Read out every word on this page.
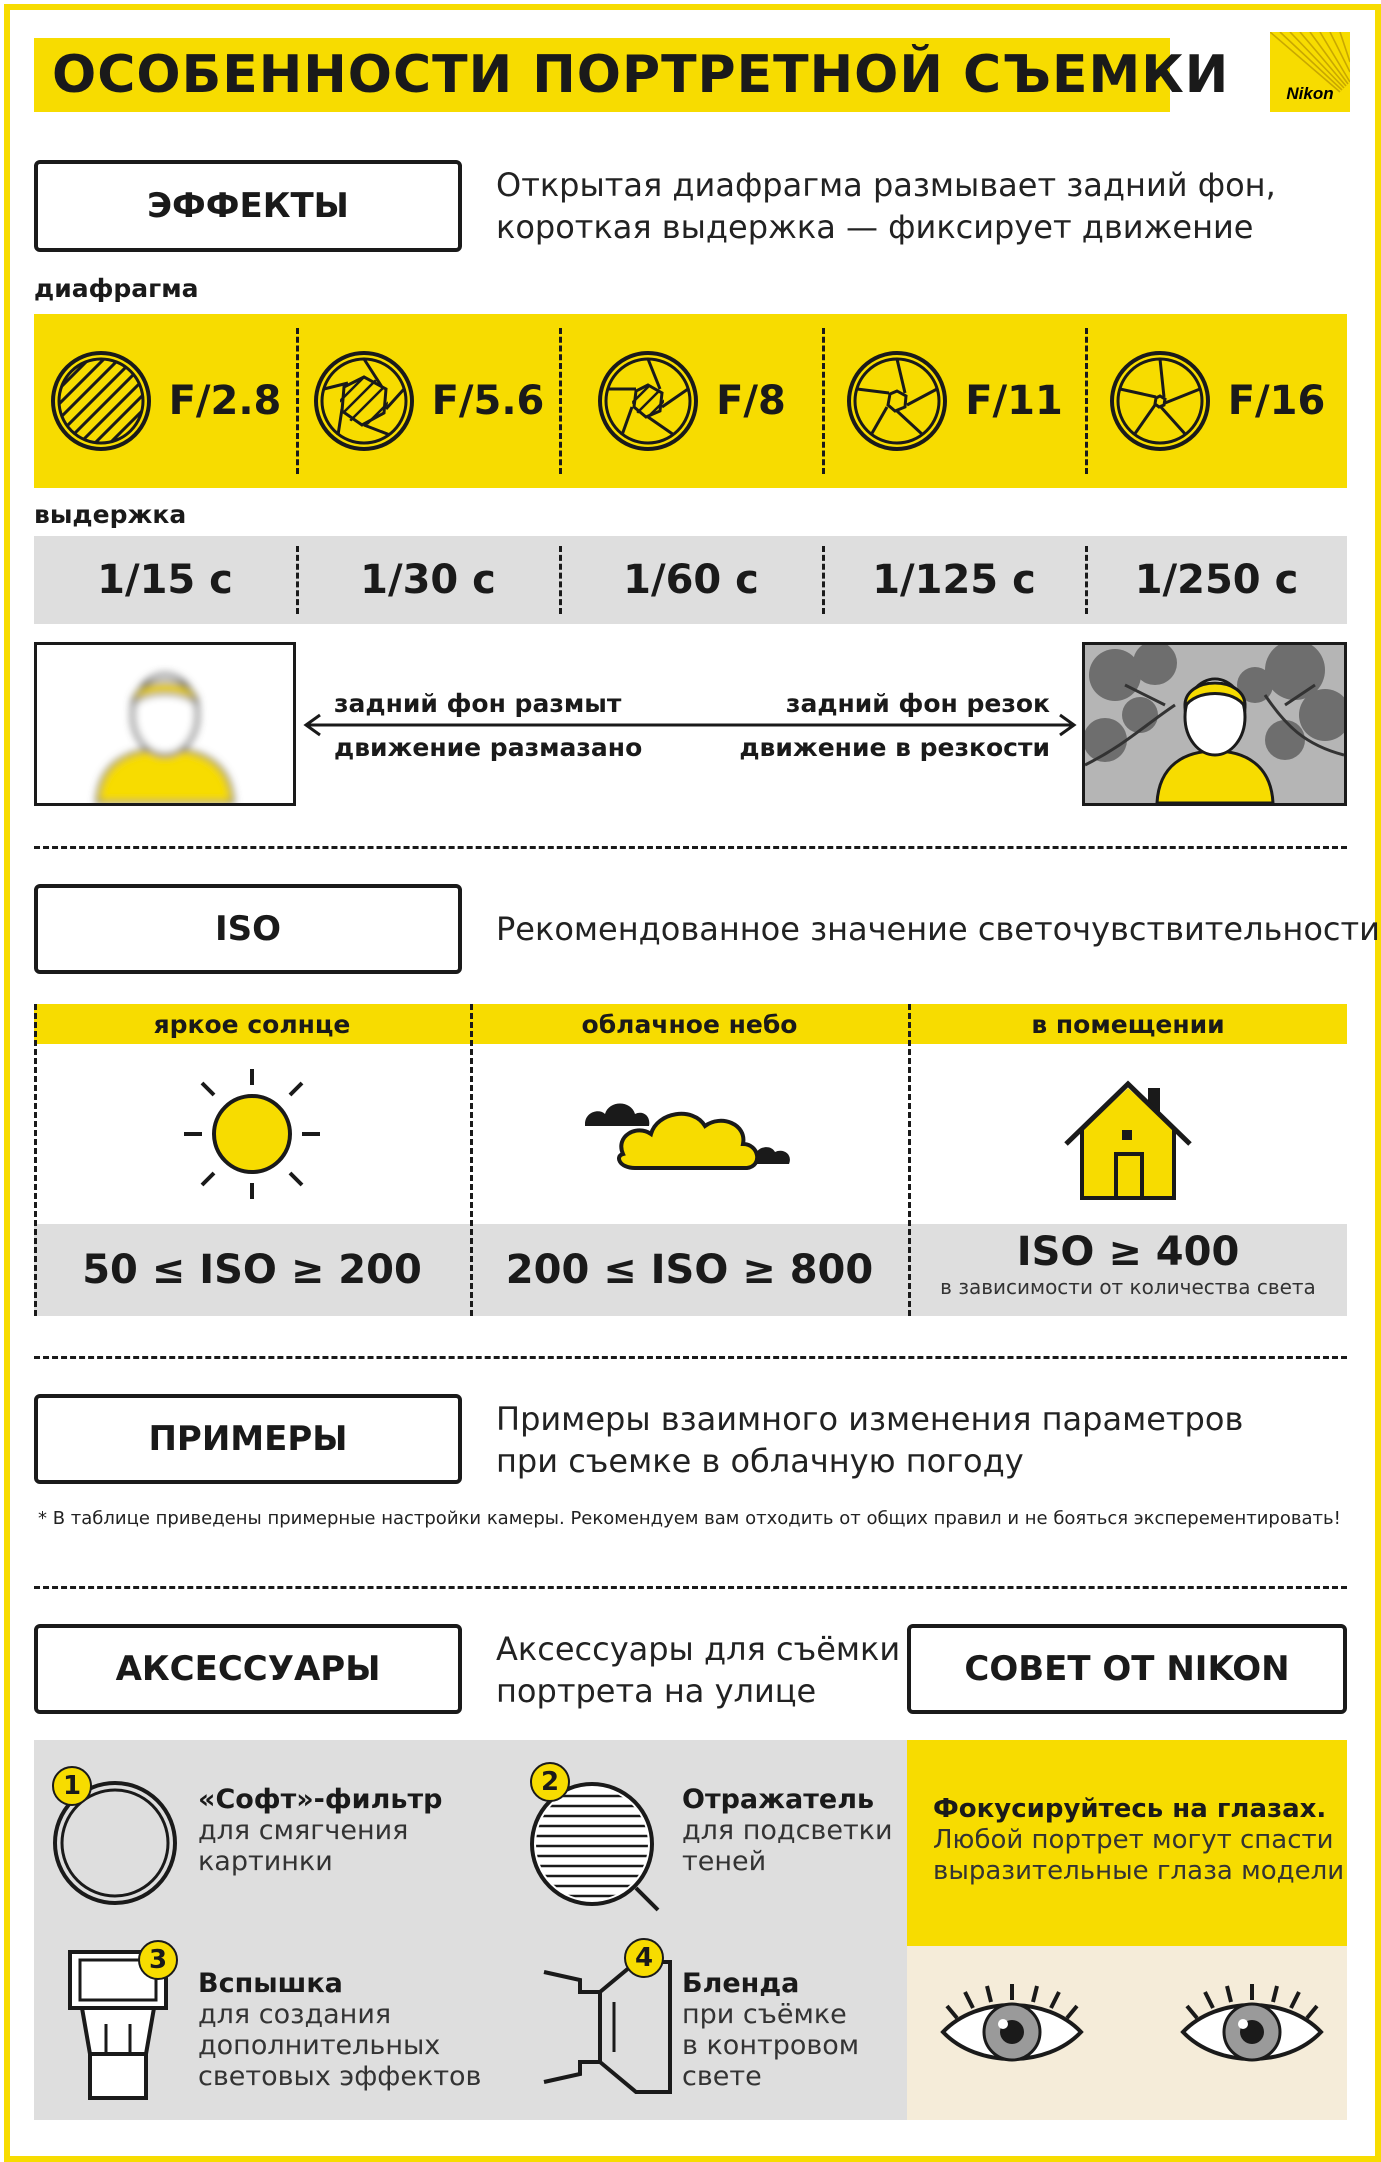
ОСОБЕННОСТИ ПОРТРЕТНОЙ СЪЕМКИ	Nikon
ЭФФЕКТЫ
Открытая диафрагма размывает задний фон,
короткая выдержка — фиксирует движение
диафрагма
F/2.8	F/5.6	F/8	F/11	F/16
выдержка
1/15 с	1/30 с	1/60 с	1/125 с	1/250 с
задний фон размыт
движение размазано
задний фон резок
движение в резкости
ISO	Рекомендованное значение светочувствительности
яркое солнце	облачное небо	в помещении
50 ≤ ISO ≥ 200	200 ≤ ISO ≥ 800	ISO ≥ 400
в зависимости от количества света
ПРИМЕРЫ	Примеры взаимного изменения параметров
при съемке в облачную погоду
* В таблице приведены примерные настройки камеры. Рекомендуем вам отходить от общих правил и не бояться эксперементировать!
АКСЕССУАРЫ	Аксессуары для съёмки
портрета на улице
СОВЕТ ОТ NIKON
1	«Софт»-фильтр
для смягчения
картинки
2
Отражатель
для подсветки
теней
3
Вспышка
для создания
дополнительных
световых эффектов
4
Бленда
при съёмке
в контровом
свете
Фокусируйтесь на глазах.
Любой портрет могут спасти
выразительные глаза модели
